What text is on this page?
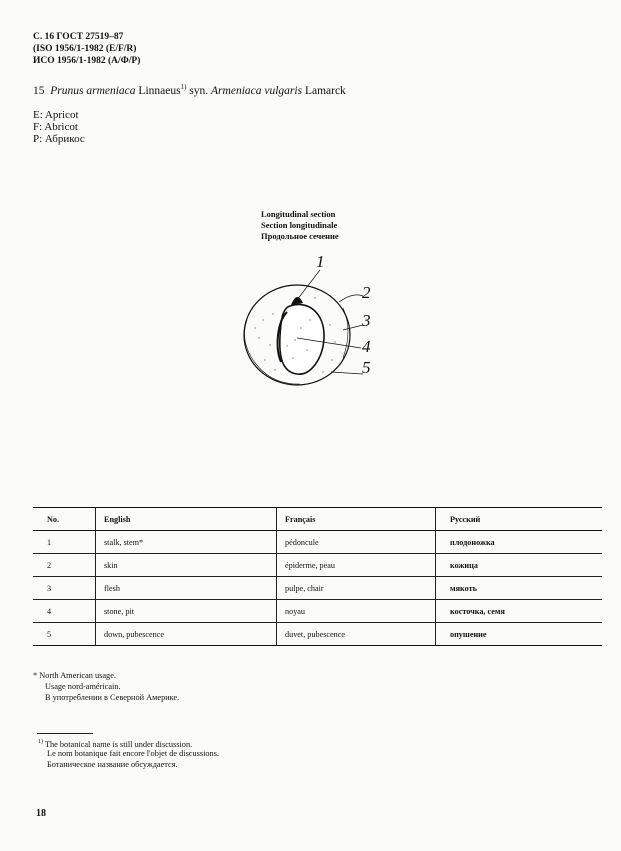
С. 16 ГОСТ 27519–87
(ISO 1956/1-1982 (E/F/R)
ИСО 1956/1-1982 (А/Ф/Р)
15 Prunus armeniaca Linnaeus$^{1)}$ syn. Armeniaca vulgaris Lamarck
E: Apricot
F: Abricot
P: Абрикос
Longitudinal section
Section longitudinale
Продольное сечение
1
2
3
4
5
No.	English	Français	Русский
1	stalk, stem*	pédoncule	плодоножка
2	skin	épiderme, peau	кожица
3	flesh	pulpe, chair	мякоть
4	stone, pit	noyau	косточка, семя
5	down, pubescence	duvet, pubescence	опушение
* North American usage.
Usage nord-américain.
В употреблении в Северной Америке.
$^{1)}$ The botanical name is still under discussion.
Le nom botanique fait encore l'objet de discussions.
Ботаническое название обсуждается.
18
